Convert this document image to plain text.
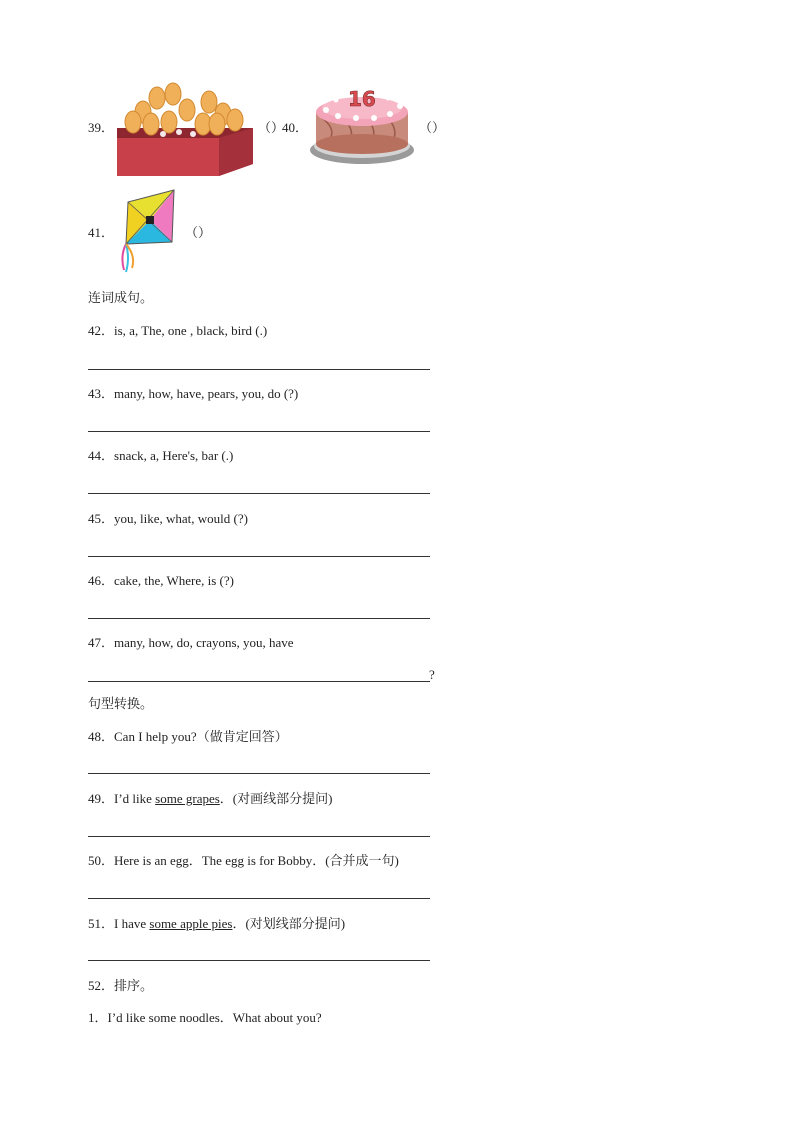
39．	（）
40．
16
（）
41．	（）
连词成句。
42．is, a, The, one , black, bird (.)
43．many, how, have, pears, you, do (?)
44．snack, a, Here's, bar (.)
45．you, like, what, would (?)
46．cake, the, Where, is (?)
47．many, how, do, crayons, you, have
?
句型转换。
48．Can I help you?（做肯定回答）
49．I’d like some grapes．(对画线部分提问)
50．Here is an egg．The egg is for Bobby．(合并成一句)
51．I have some apple pies．(对划线部分提问)
52．排序。
1．I’d like some noodles．What about you?
